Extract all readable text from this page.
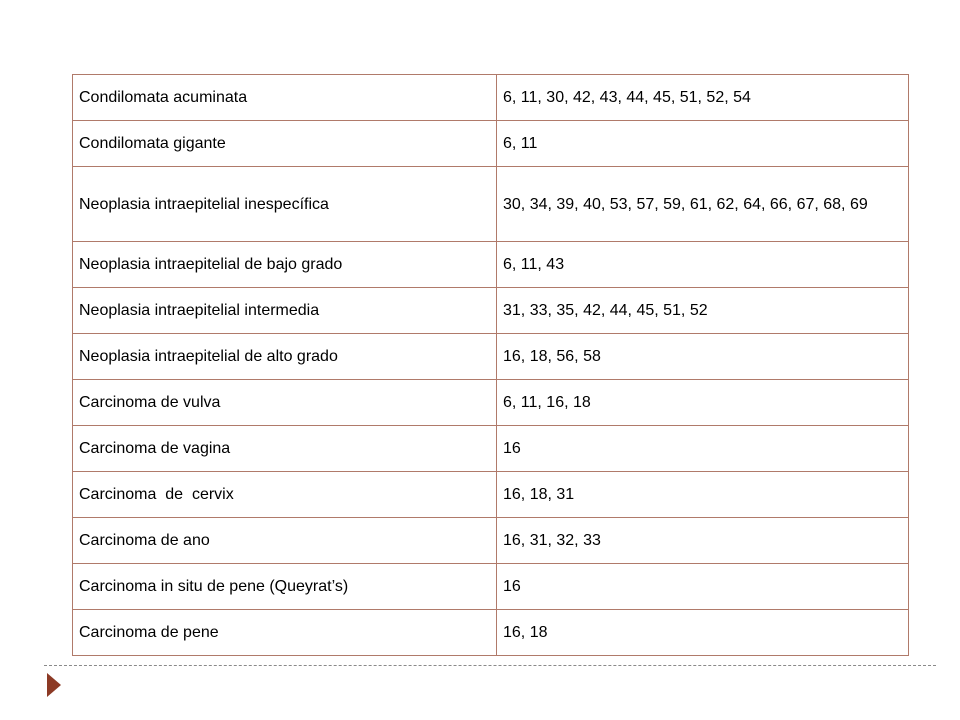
Condilomata acuminata	6, 11, 30, 42, 43, 44, 45, 51, 52, 54
Condilomata gigante	6, 11
Neoplasia intraepitelial inespecífica	30, 34, 39, 40, 53, 57, 59, 61, 62, 64, 66, 67, 68, 69
Neoplasia intraepitelial de bajo grado	6, 11, 43
Neoplasia intraepitelial intermedia	31, 33, 35, 42, 44, 45, 51, 52
Neoplasia intraepitelial de alto grado	16, 18, 56, 58
Carcinoma de vulva	6, 11, 16, 18
Carcinoma de vagina	16
Carcinoma  de  cervix	16, 18, 31
Carcinoma de ano	16, 31, 32, 33
Carcinoma in situ de pene (Queyrat’s)	16
Carcinoma de pene	16, 18
